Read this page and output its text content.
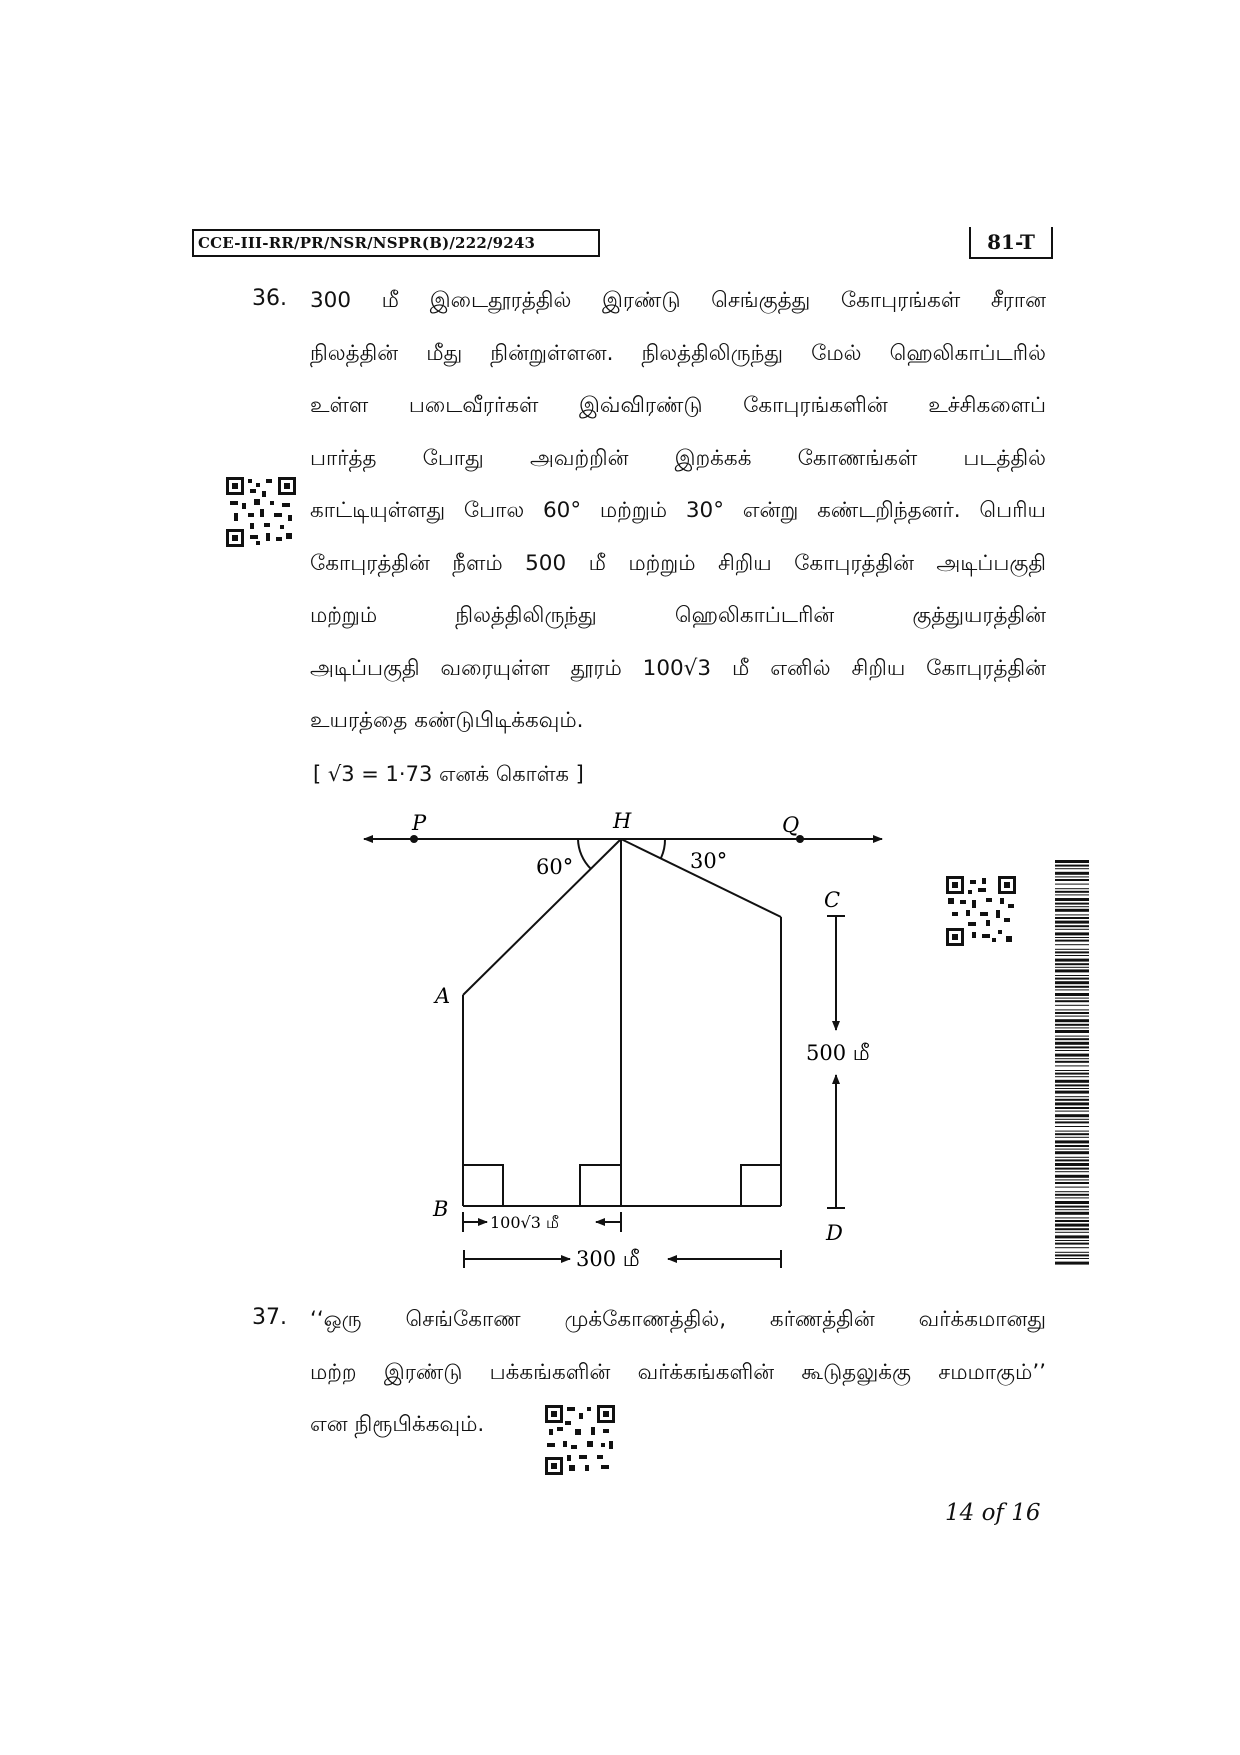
CCE-III-RR/PR/NSR/NSPR(B)/222/9243	81-T
36. 300 மீ இடைதூரத்தில் இரண்டு செங்குத்து கோபுரங்கள் சீரான
நிலத்தின் மீது நின்றுள்ளன. நிலத்திலிருந்து மேல் ஹெலிகாப்டரில்
உள்ள படைவீரர்கள் இவ்விரண்டு கோபுரங்களின் உச்சிகளைப்
பார்த்த போது அவற்றின் இறக்கக் கோணங்கள் படத்தில்
காட்டியுள்ளது போல 60° மற்றும் 30° என்று கண்டறிந்தனர். பெரிய
கோபுரத்தின் நீளம் 500 மீ மற்றும் சிறிய கோபுரத்தின் அடிப்பகுதி
மற்றும் நிலத்திலிருந்து ஹெலிகாப்டரின் குத்துயரத்தின்
அடிப்பகுதி வரையுள்ள தூரம் 100√3 மீ எனில் சிறிய கோபுரத்தின்
உயரத்தை கண்டுபிடிக்கவும்.
[ √3 = 1·73 எனக் கொள்க ]
P	H	Q
A
B
C
D
60°	30°
500 மீ
100√3 மீ
300 மீ
37. ‘‘ஒரு செங்கோண முக்கோணத்தில், கர்ணத்தின் வர்க்கமானது
மற்ற இரண்டு பக்கங்களின் வர்க்கங்களின் கூடுதலுக்கு சமமாகும்’’
என நிரூபிக்கவும்.
14 of 16
